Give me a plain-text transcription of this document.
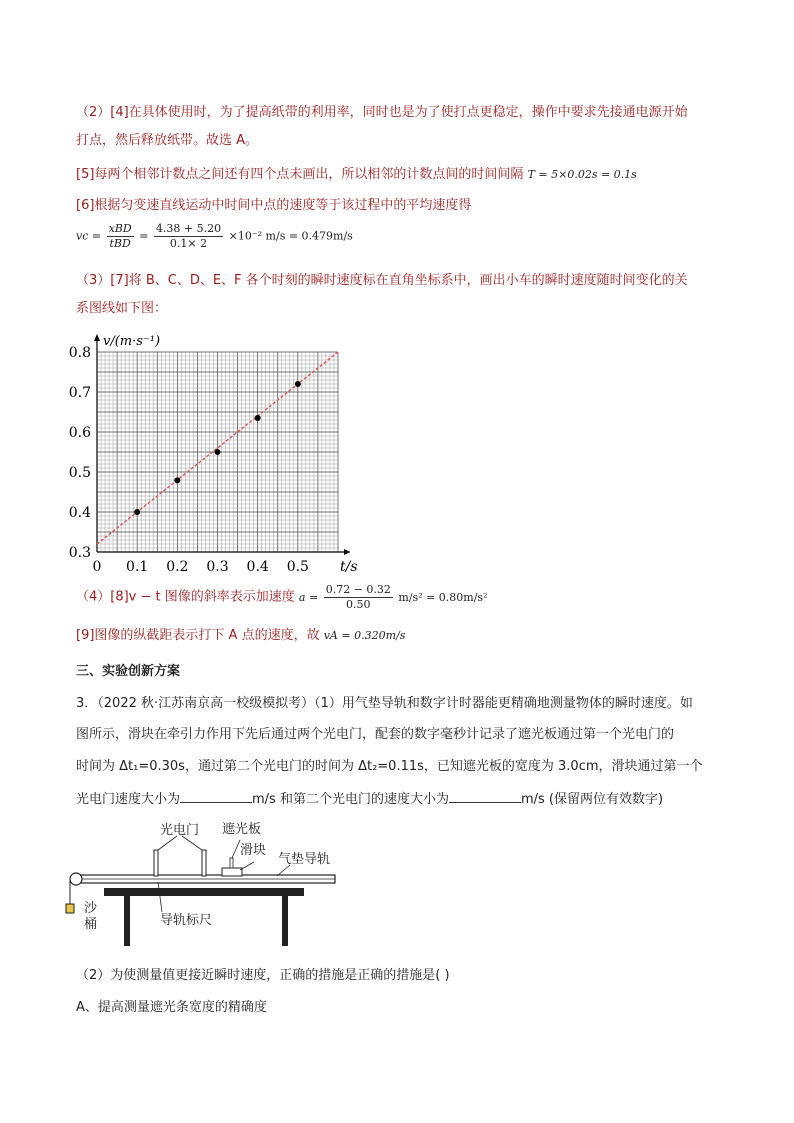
（2）[4]在具体使用时，为了提高纸带的利用率，同时也是为了使打点更稳定，操作中要求先接通电源开始
打点，然后释放纸带。故选 A。
[5]每两个相邻计数点之间还有四个点未画出，所以相邻的计数点间的时间间隔 T = 5×0.02s = 0.1s
[6]根据匀变速直线运动中时间中点的速度等于该过程中的平均速度得
vc = $\frac{\text{xBD}}{\text{tBD}} = \frac{4.38 + 5.20}{0.1\times 2} \times 10^{-2}$ m/s = 0.479m/s
（3）[7]将 B、C、D、E、F 各个时刻的瞬时速度标在直角坐标系中，画出小车的瞬时速度随时间变化的关
系图线如下图：
0 0.1 0.2 0.3 0.4 0.5
0.3
0.4
0.5
0.6
0.7
0.8
v/(m·s⁻¹)
t/s
（4）[8]v − t 图像的斜率表示加速度 $a = \frac{0.72 - 0.32}{0.50} m/s^2 = 0.80m/s^2$
[9]图像的纵截距表示打下 A 点的速度，故 vA = 0.320m/s
三、实验创新方案
3．（2022 秋·江苏南京高一校级模拟考）（1）用气垫导轨和数字计时器能更精确地测量物体的瞬时速度。如
图所示，滑块在牵引力作用下先后通过两个光电门，配套的数字毫秒计记录了遮光板通过第一个光电门的
时间为 Δt₁=0.30s，通过第二个光电门的时间为 Δt₂=0.11s，已知遮光板的宽度为 3.0cm，滑块通过第一个
光电门速度大小为	m/s 和第二个光电门的速度大小为	m/s (保留两位有效数字)
光电门 遮光板
滑块
气垫导轨
导轨标尺
沙
桶
（2）为使测量值更接近瞬时速度，正确的措施是正确的措施是( )
A、提高测量遮光条宽度的精确度
